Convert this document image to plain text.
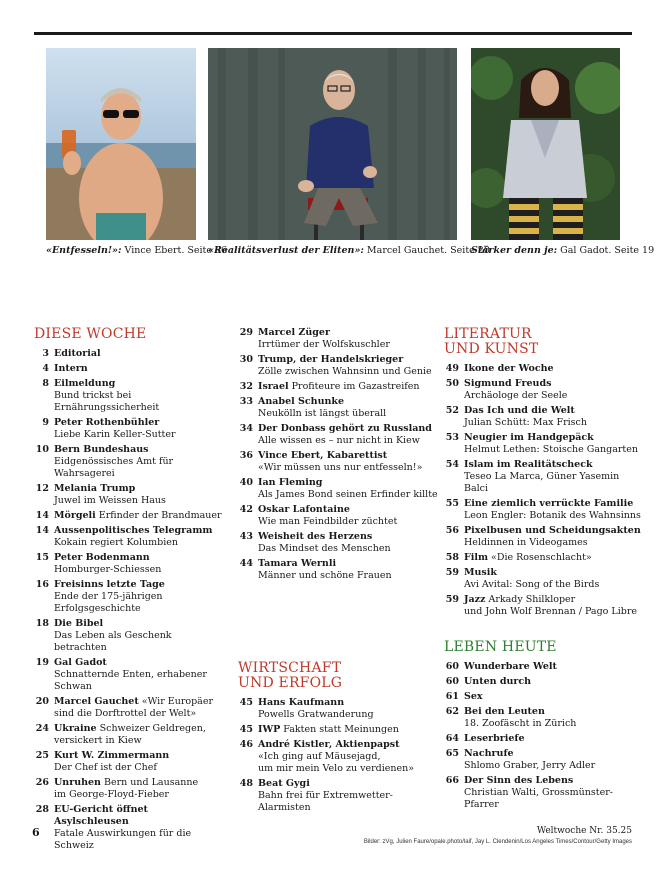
«Entfesseln!»: Vince Ebert. Seite 36
«Realitätsverlust der Eliten»: Marcel Gauchet. Seite 20
Stärker denn je: Gal Gadot. Seite 19
DIESE WOCHE
3 Editorial
4 Intern
8 Eilmeldung
Bund trickst bei Ernährungssicherheit
9 Peter Rothenbühler
Liebe Karin Keller-Sutter
10 Bern Bundeshaus
Eidgenössisches Amt für Wahrsagerei
12 Melania Trump
Juwel im Weissen Haus
14 Mörgeli Erfinder der Brandmauer
14 Aussenpolitisches Telegramm
Kokain regiert Kolumbien
15 Peter Bodenmann
Homburger-Schiessen
16 Freisinns letzte Tage
Ende der 175-jährigen Erfolgsgeschichte
18 Die Bibel
Das Leben als Geschenk betrachten
19 Gal Gadot
Schnatternde Enten, erhabener Schwan
20 Marcel Gauchet «Wir Europäer
sind die Dorftrottel der Welt»
24 Ukraine Schweizer Geldregen,
versickert in Kiew
25 Kurt W. Zimmermann
Der Chef ist der Chef
26 Unruhen Bern und Lausanne
im George-Floyd-Fieber
28 EU-Gericht öffnet Asylschleusen
Fatale Auswirkungen für die Schweiz
29 Marcel Züger
Irrtümer der Wolfskuschler
30 Trump, der Handelskrieger
Zölle zwischen Wahnsinn und Genie
32 Israel Profiteure im Gazastreifen
33 Anabel Schunke
Neukölln ist längst überall
34 Der Donbass gehört zu Russland
Alle wissen es – nur nicht in Kiew
36 Vince Ebert, Kabarettist
«Wir müssen uns nur entfesseln!»
40 Ian Fleming
Als James Bond seinen Erfinder killte
42 Oskar Lafontaine
Wie man Feindbilder züchtet
43 Weisheit des Herzens
Das Mindset des Menschen
44 Tamara Wernli
Männer und schöne Frauen
WIRTSCHAFT
UND ERFOLG
45 Hans Kaufmann
Powells Gratwanderung
45 IWP Fakten statt Meinungen
46 André Kistler, Aktienpapst
«Ich ging auf Mäusejagd,
um mir mein Velo zu verdienen»
48 Beat Gygi
Bahn frei für Extremwetter-Alarmisten
LITERATUR
UND KUNST
49 Ikone der Woche
50 Sigmund Freuds
Archäologe der Seele
52 Das Ich und die Welt
Julian Schütt: Max Frisch
53 Neugier im Handgepäck
Helmut Lethen: Stoische Gangarten
54 Islam im Realitätscheck
Teseo La Marca, Güner Yasemin Balci
55 Eine ziemlich verrückte Familie
Leon Engler: Botanik des Wahnsinns
56 Pixelbusen und Scheidungsakten
Heldinnen in Videogames
58 Film «Die Rosenschlacht»
59 Musik
Avi Avital: Song of the Birds
59 Jazz Arkady Shilkloper
und John Wolf Brennan / Pago Libre
LEBEN HEUTE
60 Wunderbare Welt
60 Unten durch
61 Sex
62 Bei den Leuten
18. Zoofäscht in Zürich
64 Leserbriefe
65 Nachrufe
Shlomo Graber, Jerry Adler
66 Der Sinn des Lebens
Christian Walti, Grossmünster-Pfarrer
6	Weltwoche Nr. 35.25
Bilder: zVg, Julien Faure/opale.photo/laif, Jay L. Clendenin/Los Angeles Times/Contour/Getty Images
